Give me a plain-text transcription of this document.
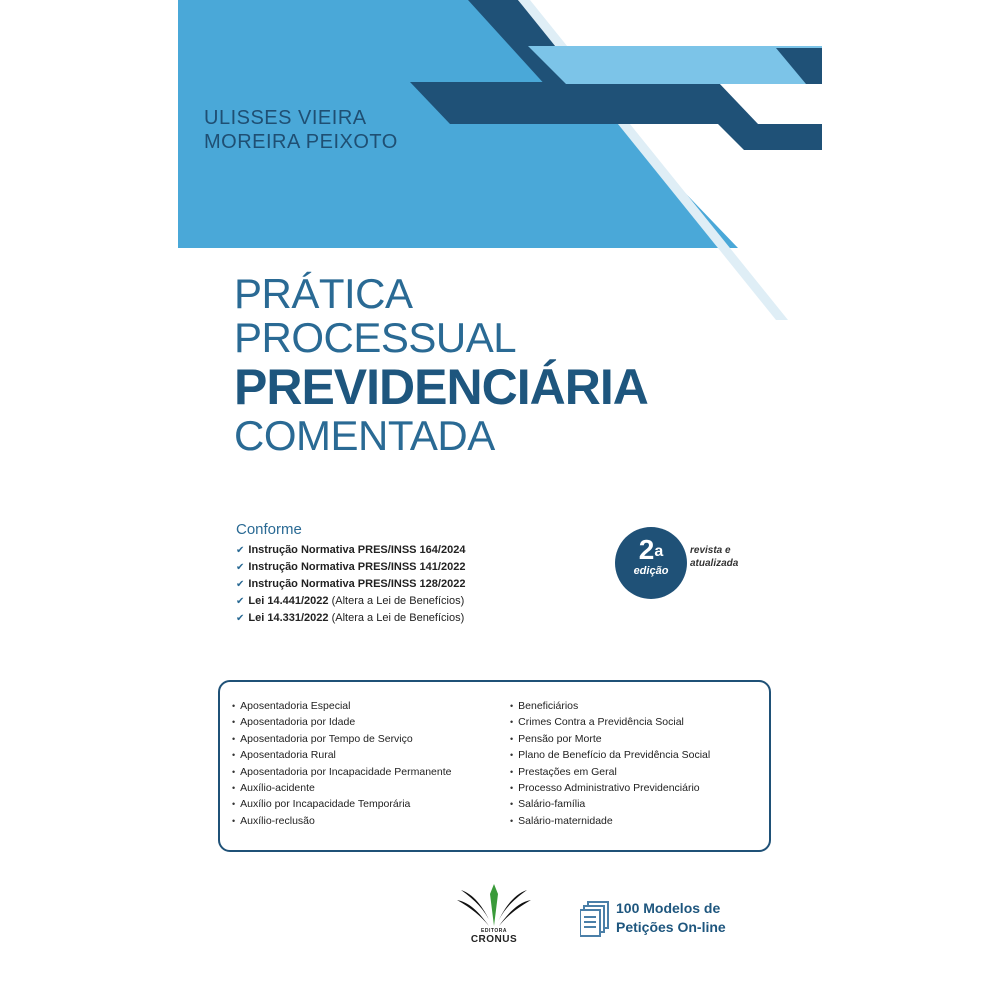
ULISSES VIEIRA
MOREIRA PEIXOTO
PRÁTICA
PROCESSUAL
PREVIDENCIÁRIA
COMENTADA
Conforme
✔ Instrução Normativa PRES/INSS 164/2024
✔ Instrução Normativa PRES/INSS 141/2022
✔ Instrução Normativa PRES/INSS 128/2022
✔ Lei 14.441/2022 (Altera a Lei de Benefícios)
✔ Lei 14.331/2022 (Altera a Lei de Benefícios)
2$^a$
edição
revista e
atualizada
• Aposentadoria Especial
• Aposentadoria por Idade
• Aposentadoria por Tempo de Serviço
• Aposentadoria Rural
• Aposentadoria por Incapacidade Permanente
• Auxílio-acidente
• Auxílio por Incapacidade Temporária
• Auxílio-reclusão
• Beneficiários
• Crimes Contra a Previdência Social
• Pensão por Morte
• Plano de Benefício da Previdência Social
• Prestações em Geral
• Processo Administrativo Previdenciário
• Salário-família
• Salário-maternidade
EDITORA
CRONUS
100 Modelos de
Petições On-line
